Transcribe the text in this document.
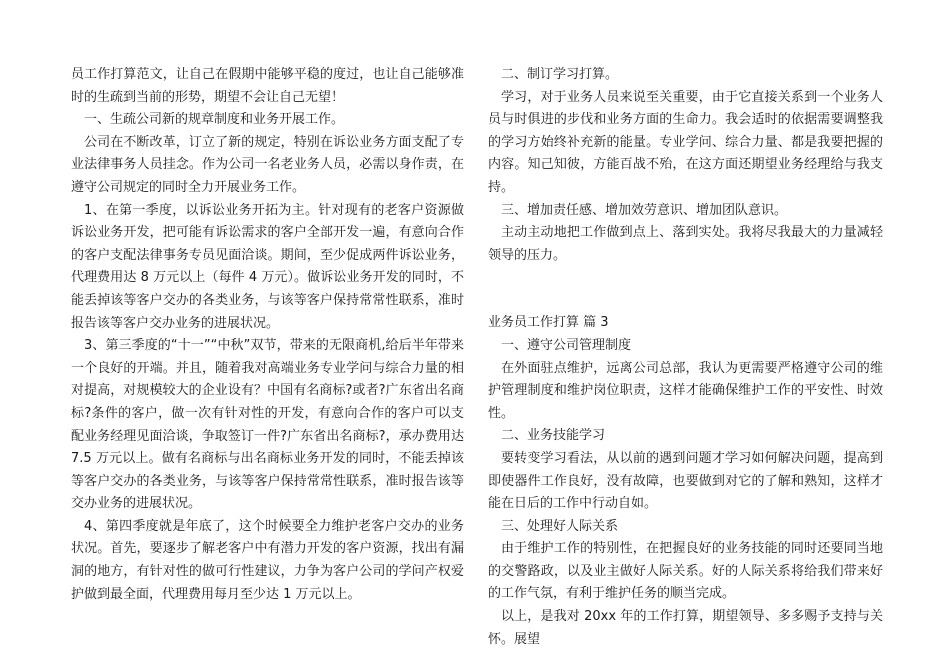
员工作打算范文，让自己在假期中能够平稳的度过，也让自己能够准时的生疏到当前的形势，期望不会让自己无望！

一、生疏公司新的规章制度和业务开展工作。

公司在不断改革，订立了新的规定，特别在诉讼业务方面支配了专业法律事务人员挂念。作为公司一名老业务人员，必需以身作责，在遵守公司规定的同时全力开展业务工作。

1、在第一季度，以诉讼业务开拓为主。针对现有的老客户资源做诉讼业务开发，把可能有诉讼需求的客户全部开发一遍，有意向合作的客户支配法律事务专员见面洽谈。期间，至少促成两件诉讼业务，代理费用达 8 万元以上（每件 4 万元）。做诉讼业务开发的同时，不能丢掉该等客户交办的各类业务，与该等客户保持常常性联系，准时报告该等客户交办业务的进展状况。

3、第三季度的“十一”“中秋”双节，带来的无限商机,给后半年带来一个良好的开端。并且，随着我对高端业务专业学问与综合力量的相对提高，对规模较大的企业设有？中国有名商标?或者?广东省出名商标?条件的客户，做一次有针对性的开发，有意向合作的客户可以支配业务经理见面洽谈，争取签订一件?广东省出名商标?，承办费用达 7.5 万元以上。做有名商标与出名商标业务开发的同时，不能丢掉该等客户交办的各类业务，与该等客户保持常常性联系，准时报告该等交办业务的进展状况。

4、第四季度就是年底了，这个时候要全力维护老客户交办的业务状况。首先，要逐步了解老客户中有潜力开发的客户资源，找出有漏洞的地方，有针对性的做可行性建议，力争为客户公司的学问产权爱护做到最全面，代理费用每月至少达 1 万元以上。

二、制订学习打算。

学习，对于业务人员来说至关重要，由于它直接关系到一个业务人员与时俱进的步伐和业务方面的生命力。我会适时的依据需要调整我的学习方始终补充新的能量。专业学问、综合力量、都是我要把握的内容。知己知彼，方能百战不殆，在这方面还期望业务经理给与我支持。

三、增加责任感、增加效劳意识、增加团队意识。

主动主动地把工作做到点上、落到实处。我将尽我最大的力量减轻领导的压力。

业务员工作打算 篇 3

一、遵守公司管理制度

在外面驻点维护，远离公司总部，我认为更需要严格遵守公司的维护管理制度和维护岗位职责，这样才能确保维护工作的平安性、时效性。

二、业务技能学习

要转变学习看法，从以前的遇到问题才学习如何解决问题，提高到即使器件工作良好，没有故障，也要做到对它的了解和熟知，这样才能在日后的工作中行动自如。

三、处理好人际关系

由于维护工作的特别性，在把握良好的业务技能的同时还要同当地的交警路政，以及业主做好人际关系。好的人际关系将给我们带来好的工作气氛，有利于维护任务的顺当完成。

以上，是我对 20xx 年的工作打算，期望领导、多多赐予支持与关怀。展望
